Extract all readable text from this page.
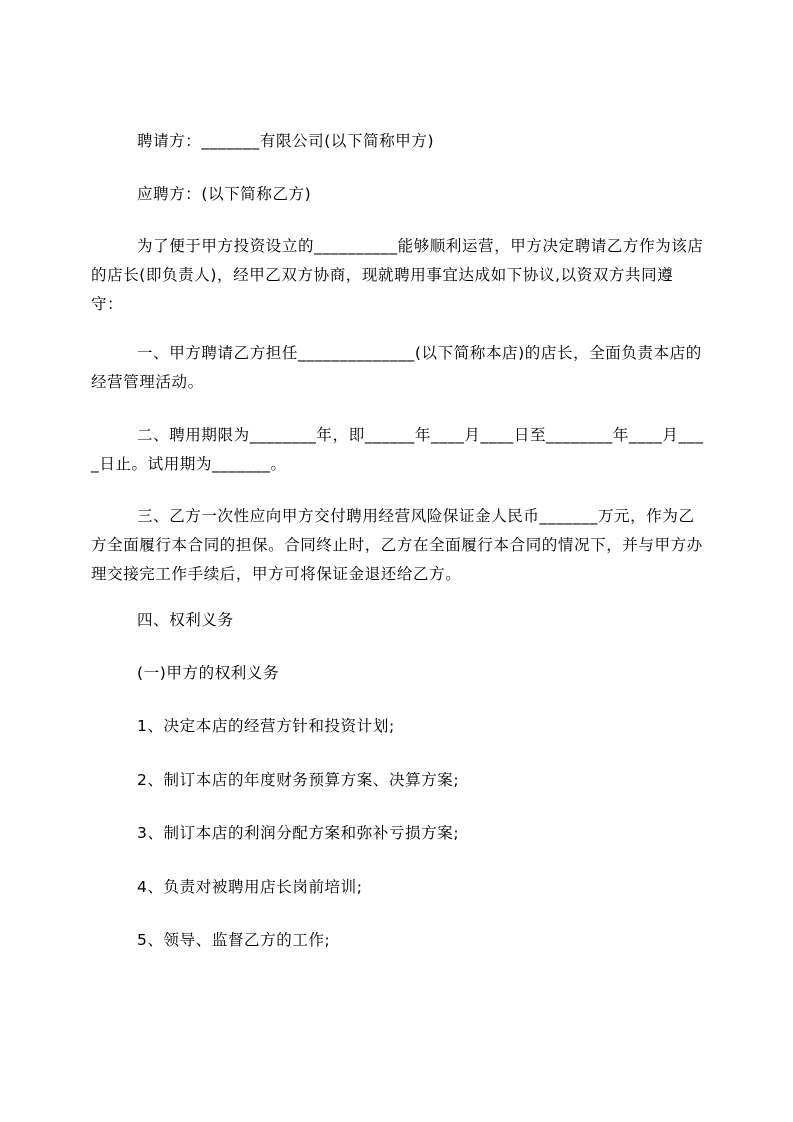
聘请方：_______有限公司(以下简称甲方)

应聘方：(以下简称乙方)

为了便于甲方投资设立的__________能够顺利运营，甲方决定聘请乙方作为该店的店长(即负责人)，经甲乙双方协商，现就聘用事宜达成如下协议,以资双方共同遵守：

一、甲方聘请乙方担任______________(以下简称本店)的店长，全面负责本店的经营管理活动。

二、聘用期限为________年，即______年____月____日至________年____月____日止。试用期为_______。

三、乙方一次性应向甲方交付聘用经营风险保证金人民币_______万元，作为乙方全面履行本合同的担保。合同终止时，乙方在全面履行本合同的情况下，并与甲方办理交接完工作手续后，甲方可将保证金退还给乙方。

四、权利义务

(一)甲方的权利义务

1、决定本店的经营方针和投资计划;

2、制订本店的年度财务预算方案、决算方案;

3、制订本店的利润分配方案和弥补亏损方案;

4、负责对被聘用店长岗前培训;

5、领导、监督乙方的工作;
